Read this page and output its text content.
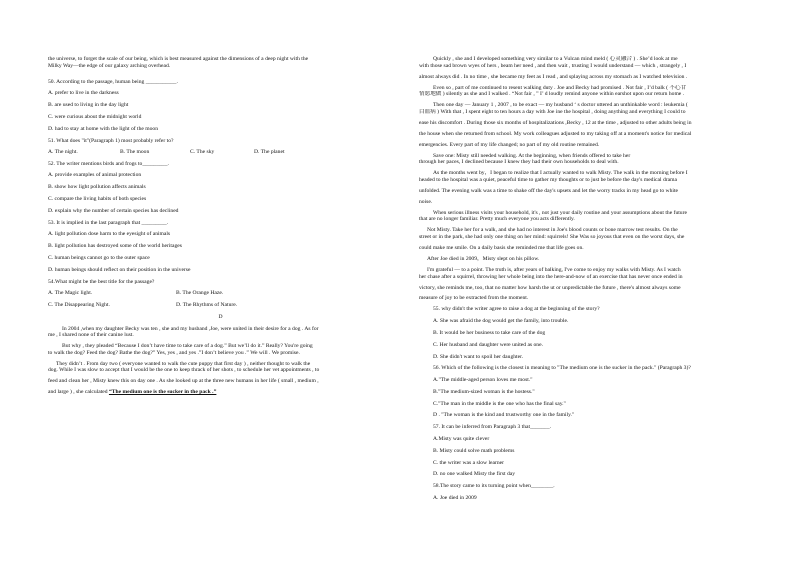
the universe, to forget the scale of our being, which is best measured against the dimensions of a deep night with the
Milky Way—the edge of our galaxy arching overhead.
50. According to the passage, human being ___________.
A. prefer to live in the darkness
B. are used to living in the day light
C. were curious about the midnight world
D. had to stay at home with the light of the moon
51. What does "it"(Paragraph 1) most probably refer to?
A. The night.	B. The moon	C. The sky	D. The planet
52. The writer mentions birds and frogs to_________.
A. provide examples of animal protection
B. show how light pollution affects animals
C. compare the living habits of both species
D. explain why the number of certain species has declined
53. It is implied in the last paragraph that _________.
A. light pollution dose harm to the eyesight of animals
B. light pollution has destroyed some of the world heritages
C. human beings cannot go to the outer space
D. human beings should reflect on their position in the universe
54.What might be the best title for the passage?
A. The Magic light.	B. The Orange Haze.
C. The Disappearing Night.	D. The Rhythms of Nature.
D
In 2004 ,when my daughter Becky was ten , she and my husband ,Joe, were united in their desire for a dog . As for
me , I shared none of their canine lust.
But why , they pleaded “Because I don’t have time to take care of a dog.” But we’ll do it.” Really? You're going
to walk the dog? Feed the dog? Bathe the dog?” Yes, yes , and yes .”I don’t believe you .” We will . We promise.
They didn’t . From day two ( everyone wanted to walk the cute puppy that first day ) , neither thought to walk the
dog. While I was slow to accept that I would be the one to keep thrack of her shots , to schedule her vet appointments , to
feed and clean her , Misty knew this on day one . As she looked up at the three new humans in her life ( small , medium ,
and large ) , she calculated “The medium one is the sucker in the pack .”
Quickly , she and I developed something very similar to a Vulcan mind meld ( 心灵融合 ) . She’d look at me
with those sad brown wyes of hers , beam her need , and then wait , trusting I would understand — which , strangely , I
almost always did . In no time , she became my feet as I read , and splaying across my stomach as I watched television .
Even so , part of me continued to resent walking duty . Joe and Becky had promised . Not fair , I’d balk ( 不心甘
情愿地做 ) silently as she and I walked . “Not fair , ” I’ d loudly remind anyone within earshot upon our return home .
Then one day — January 1 , 2007 , to be exact — my husband ‘ s doctor uttered an unthinkable word : leukemia (
白血病 ) With that , I spent eight to ten hours a day with Joe ine the hospital , doing anything and everything I could to
ease his discomfort . During those six months of hospitalizations ,Becky , 12 at the time , adjusted to other adults being in
the house when she returned from school. My work colleagues adjusted to my taking off at a moment's notice for medical
emergencies. Every part of my life changed; no part of my old routine remained.
Save one: Misty still needed walking. At the beginning, when friends offered to take her
through her paces, I declined because I knew they had their own households to deal with.
As the months went by，I began to realize that I actually wanted to walk Misty. The walk in the morning before I
headed to the hospital was a quiet, peaceful time to gather my thoughts or to just be before the day's medical drama
unfolded. The evening walk was a time to shake off the day's upsets and let the worry tracks in my head go to white
noise.
When serious illness visits your household, it's , not just your daily routine and your assumptions about the future
that are no longer familiar. Pretty much everyone you acts differently.
Not Misty. Take her for a walk, and she had no interest in Joe's blood counts or bone marrow test results. On the
street or in the park, she had only one thing on her mind: squirrels! She Was so joyous that even on the worst days, she
could make me smile. On a daily basis she reminded me that life goes on.
After Joe died in 2009，Misty slept on his pillow.
I'm grateful — to a point. The truth is, after years of balking, I've come to enjoy my walks with Misty. As I watch
her chase after a squirrel, throwing her whole being into the here-and-now of an exercise that has never once ended in
victory, she reminds me, too, that no matter how harsh the ut or unpredictable the future , there's almost always some
measure of joy to be extracted from the moment.
55. why didn't the writer agree to raise a dog at the beginning of the story?
A. She was afraid the dog would get the family, into trouble.
B. It would be her business to take care of the dog
C. Her husband and daughter were united as one.
D. She didn't want to spoil her daughter.
56. Which of the following is the closest in meaning to "The medium one is the sucker in the pack." (Paragraph 3)?
A."The middle-aged person loves me most."
B."The medium-sized woman is the hostess."
C."The man in the middle is the one who has the final say."
D . "The woman is the kind and trustworthy one in the family."
57. It can be inferred from Paragraph 3 that_______.
A.Misty was quite clever
B. Misty could solve math problems
C. the writer was a slow learner
D. no one walked Misty the first day
58.The story came to its turning point when________.
A. Joe died in 2009
